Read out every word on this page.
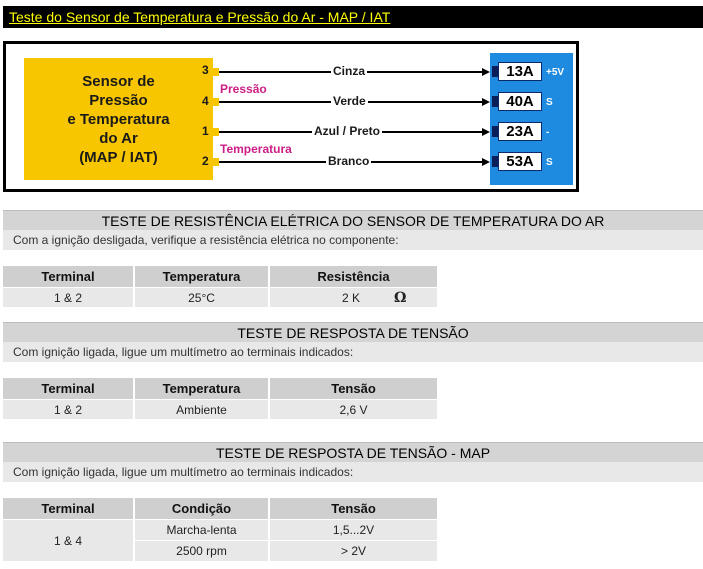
Teste do Sensor de Temperatura e Pressão do Ar - MAP / IAT
Sensor de
Pressão
e Temperatura
do Ar
(MAP / IAT)
3
4
1
2
Cinza
Verde
Azul / Preto
Branco
Pressão
Temperatura
13A
40A
23A
53A
+5V
S
-
S
TESTE DE RESISTÊNCIA ELÉTRICA DO SENSOR DE TEMPERATURA DO AR
Com a ignição desligada, verifique a resistência elétrica no componente:
Terminal	Temperatura	Resistência
1 & 2	25°C	2 K Ω
TESTE DE RESPOSTA DE TENSÃO
Com ignição ligada, ligue um multímetro ao terminais indicados:
Terminal	Temperatura	Tensão
1 & 2	Ambiente	2,6 V
TESTE DE RESPOSTA DE TENSÃO - MAP
Com ignição ligada, ligue um multímetro ao terminais indicados:
Terminal	Condição	Tensão
1 & 4	Marcha-lenta	1,5...2V
	2500 rpm	> 2V
